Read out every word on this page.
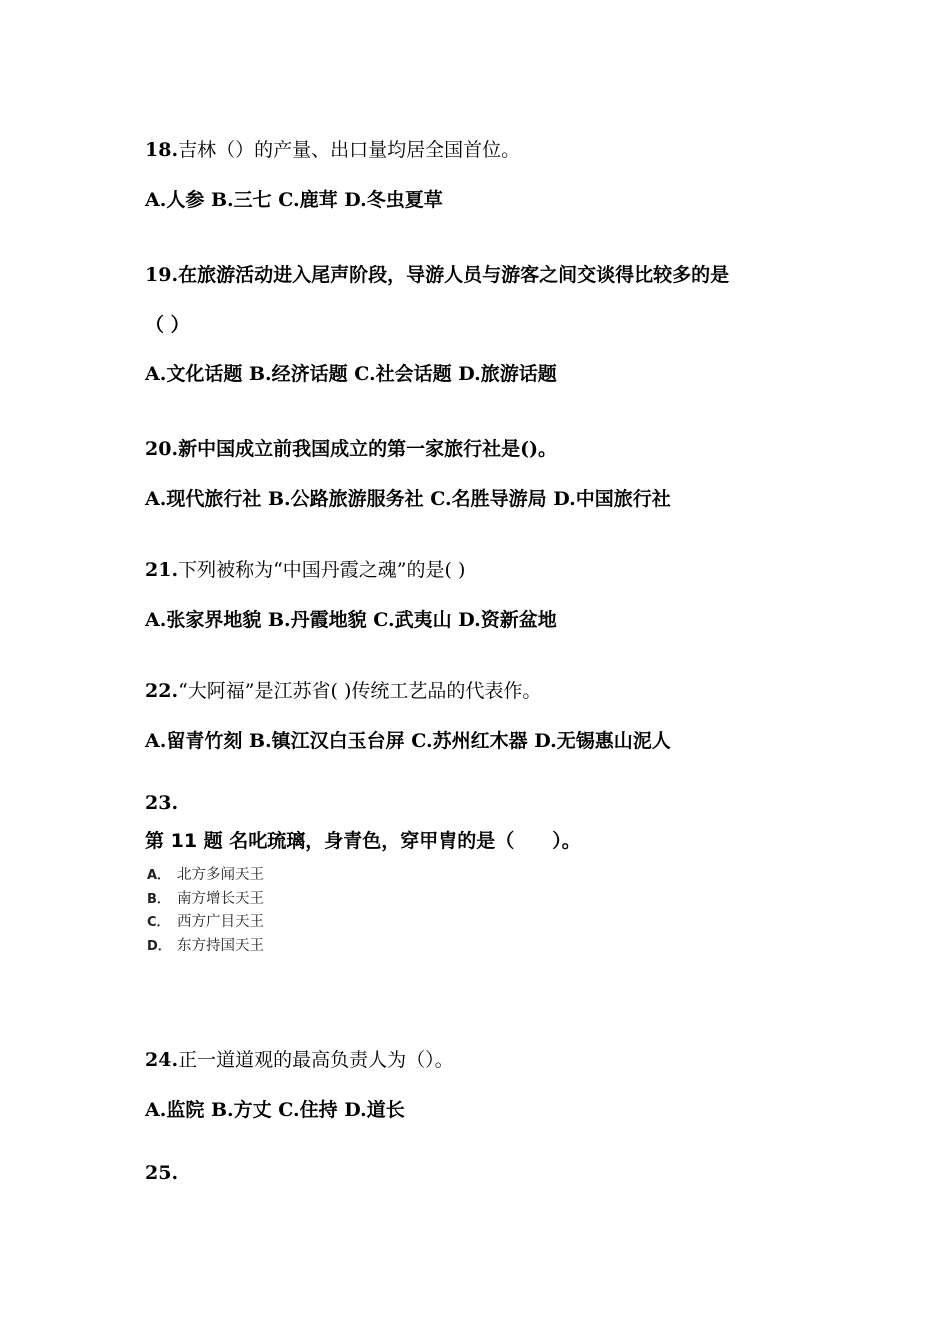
18.吉林（）的产量、出口量均居全国首位。
A.人参 B.三七 C.鹿茸 D.冬虫夏草
19.在旅游活动进入尾声阶段，导游人员与游客之间交谈得比较多的是
（ ）
A.文化话题 B.经济话题 C.社会话题 D.旅游话题
20.新中国成立前我国成立的第一家旅行社是()。
A.现代旅行社 B.公路旅游服务社 C.名胜导游局 D.中国旅行社
21.下列被称为“中国丹霞之魂”的是( )
A.张家界地貌 B.丹霞地貌 C.武夷山 D.资新盆地
22.“大阿福”是江苏省( )传统工艺品的代表作。
A.留青竹刻 B.镇江汉白玉台屏 C.苏州红木器 D.无锡惠山泥人
23.
第 11 题 名叱琉璃，身青色，穿甲胄的是（　　）。
A． 北方多闻天王
B． 南方增长天王
C． 西方广目天王
D． 东方持国天王
24.正一道道观的最高负责人为（）。
A.监院 B.方丈 C.住持 D.道长
25.
